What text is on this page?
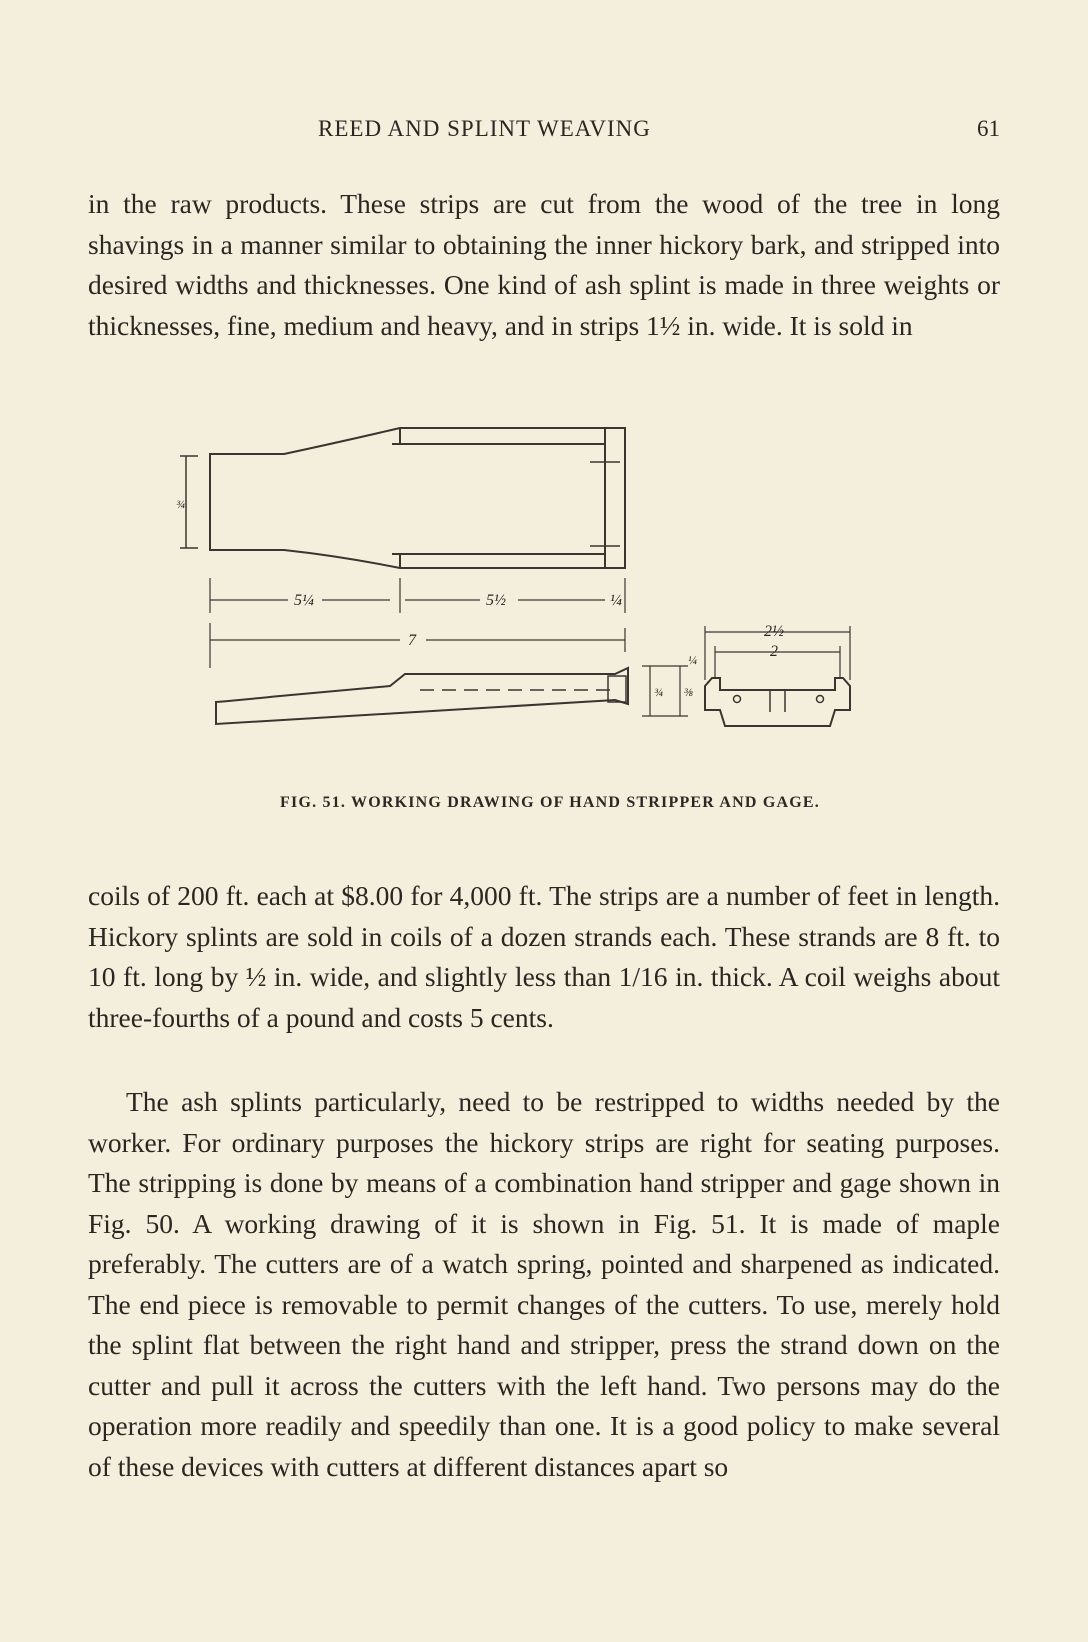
REED AND SPLINT WEAVING	61

in the raw products. These strips are cut from the wood of the tree in long shavings in a manner similar to obtaining the inner hickory bark, and stripped into desired widths and thicknesses. One kind of ash splint is made in three weights or thicknesses, fine, medium and heavy, and in strips 1½ in. wide. It is sold in

5¼	5½	¼
7
2½
2
¼
¾
¾ ⅜
FIG. 51. WORKING DRAWING OF HAND STRIPPER AND GAGE.

coils of 200 ft. each at $8.00 for 4,000 ft. The strips are a number of feet in length. Hickory splints are sold in coils of a dozen strands each. These strands are 8 ft. to 10 ft. long by ½ in. wide, and slightly less than 1/16 in. thick. A coil weighs about three-fourths of a pound and costs 5 cents.

The ash splints particularly, need to be restripped to widths needed by the worker. For ordinary purposes the hickory strips are right for seating purposes. The stripping is done by means of a combination hand stripper and gage shown in Fig. 50. A working drawing of it is shown in Fig. 51. It is made of maple preferably. The cutters are of a watch spring, pointed and sharpened as indicated. The end piece is removable to permit changes of the cutters. To use, merely hold the splint flat between the right hand and stripper, press the strand down on the cutter and pull it across the cutters with the left hand. Two persons may do the operation more readily and speedily than one. It is a good policy to make several of these devices with cutters at different distances apart so
